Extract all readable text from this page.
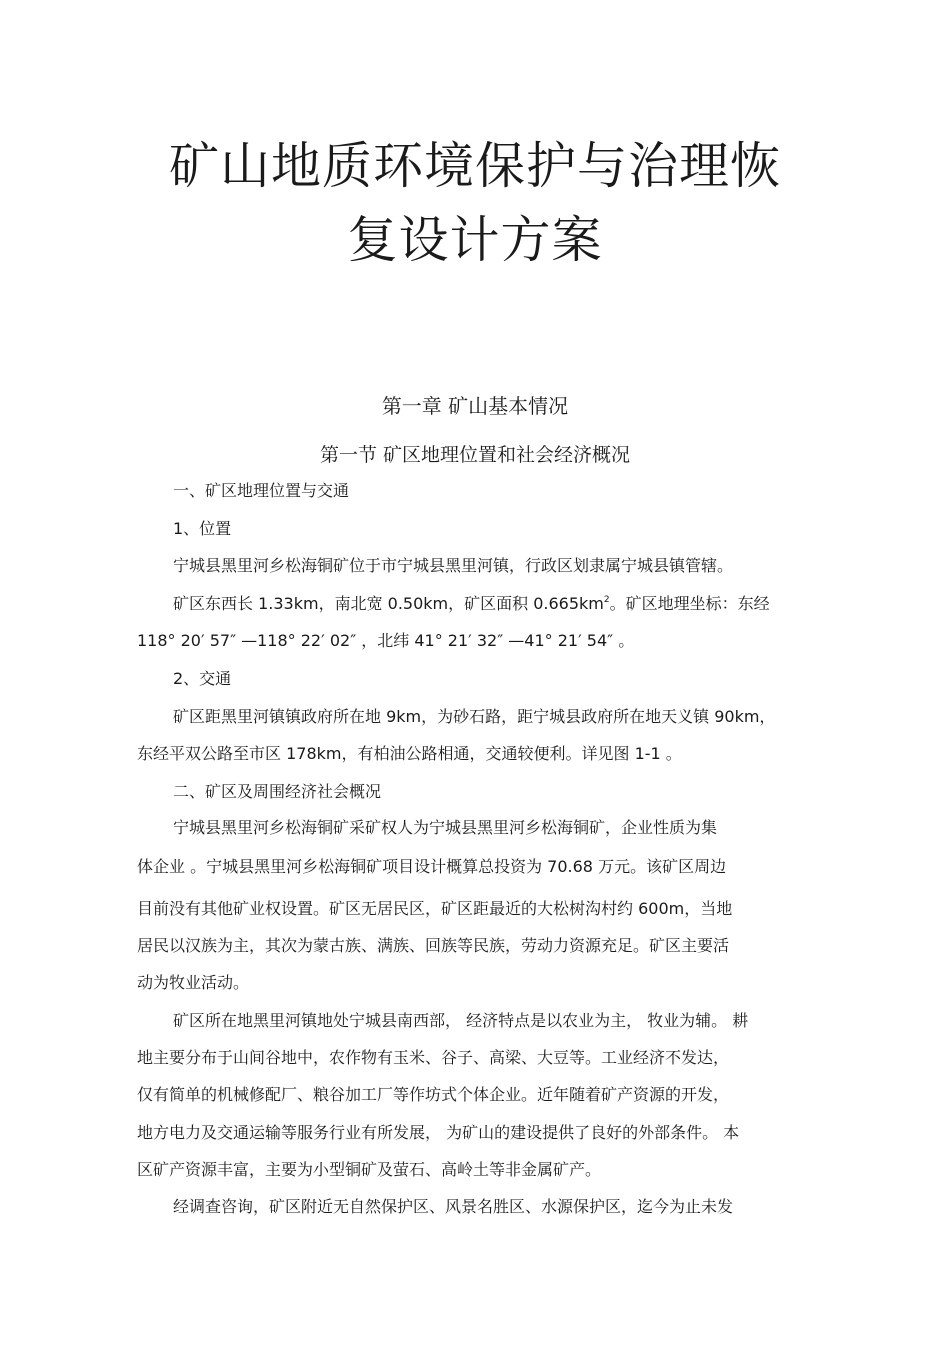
矿山地质环境保护与治理恢
复设计方案
第一章 矿山基本情况
第一节 矿区地理位置和社会经济概况
一、矿区地理位置与交通
1、位置
宁城县黑里河乡松海铜矿位于市宁城县黑里河镇，行政区划隶属宁城县镇管辖。
矿区东西长 1.33km，南北宽 0.50km，矿区面积 $0.665km^2$。矿区地理坐标：东经
118° 20′ 57″ —118° 22′ 02″ ，北纬 41° 21′ 32″ —41° 21′ 54″ 。
2、交通
矿区距黑里河镇镇政府所在地 9km，为砂石路，距宁城县政府所在地天义镇 90km，
东经平双公路至市区 178km，有柏油公路相通，交通较便利。详见图 1-1 。
二、矿区及周围经济社会概况
宁城县黑里河乡松海铜矿采矿权人为宁城县黑里河乡松海铜矿，企业性质为集
体企业 。宁城县黑里河乡松海铜矿项目设计概算总投资为 70.68 万元。该矿区周边
目前没有其他矿业权设置。矿区无居民区，矿区距最近的大松树沟村约 600m，当地
居民以汉族为主，其次为蒙古族、满族、回族等民族，劳动力资源充足。矿区主要活
动为牧业活动。
矿区所在地黑里河镇地处宁城县南西部， 经济特点是以农业为主， 牧业为辅。 耕
地主要分布于山间谷地中，农作物有玉米、谷子、高梁、大豆等。工业经济不发达，
仅有简单的机械修配厂、粮谷加工厂等作坊式个体企业。近年随着矿产资源的开发，
地方电力及交通运输等服务行业有所发展， 为矿山的建设提供了良好的外部条件。 本
区矿产资源丰富，主要为小型铜矿及萤石、高岭土等非金属矿产。
经调查咨询，矿区附近无自然保护区、风景名胜区、水源保护区，迄今为止未发
